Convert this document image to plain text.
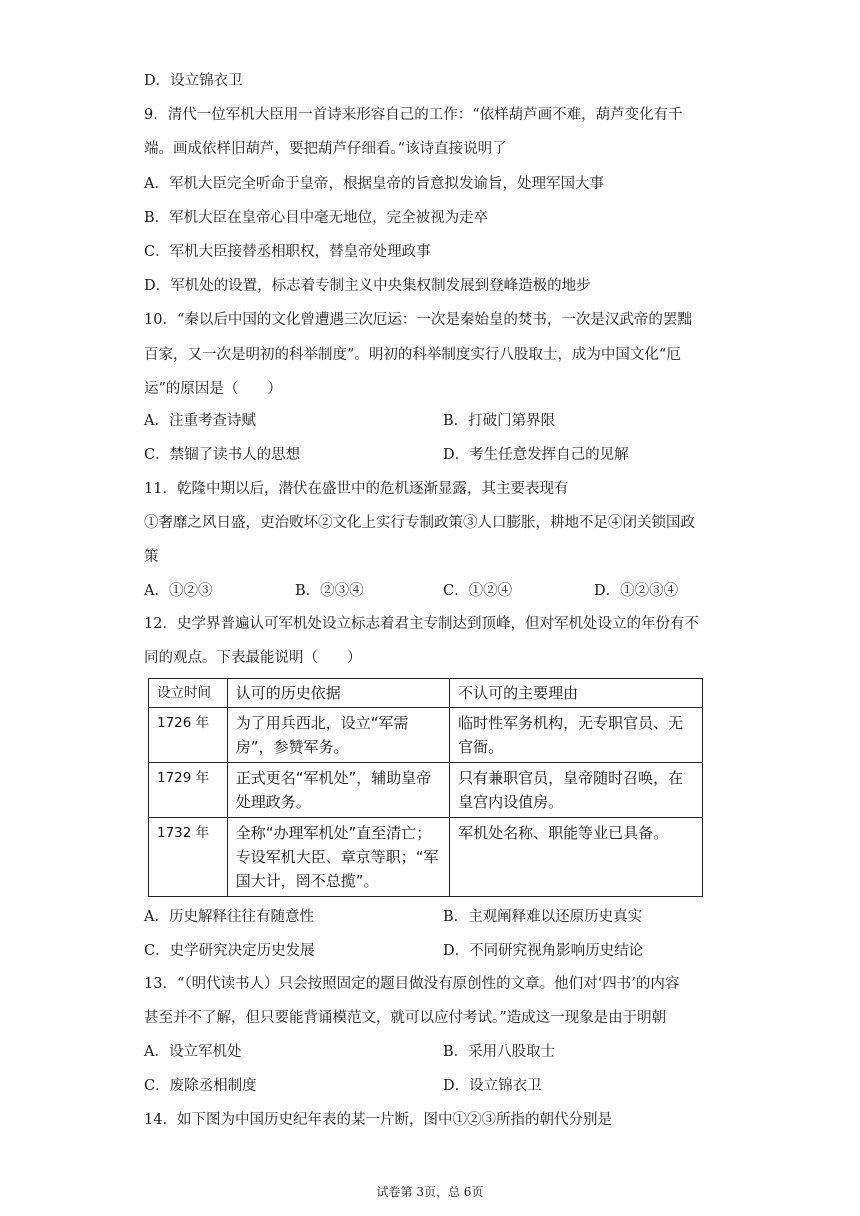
D．设立锦衣卫
9．清代一位军机大臣用一首诗来形容自己的工作：“依样葫芦画不难，葫芦变化有千
端。画成依样旧葫芦，要把葫芦仔细看。”该诗直接说明了
A．军机大臣完全听命于皇帝，根据皇帝的旨意拟发谕旨，处理军国大事
B．军机大臣在皇帝心目中毫无地位，完全被视为走卒
C．军机大臣接替丞相职权，替皇帝处理政事
D．军机处的设置，标志着专制主义中央集权制发展到登峰造极的地步
10．“秦以后中国的文化曾遭遇三次厄运：一次是秦始皇的焚书，一次是汉武帝的罢黜
百家，又一次是明初的科举制度”。明初的科举制度实行八股取士，成为中国文化“厄
运”的原因是（　　）
A．注重考查诗赋	B．打破门第界限
C．禁锢了读书人的思想	D．考生任意发挥自己的见解
11．乾隆中期以后，潜伏在盛世中的危机逐渐显露，其主要表现有
①奢靡之风日盛，吏治败坏②文化上实行专制政策③人口膨胀，耕地不足④闭关锁国政
策
A．①②③	B．②③④	C．①②④	D．①②③④
12．史学界普遍认可军机处设立标志着君主专制达到顶峰，但对军机处设立的年份有不
同的观点。下表最能说明（　　）
设立时间	认可的历史依据	不认可的主要理由
1726 年	为了用兵西北，设立“军需房”，参赞军务。	临时性军务机构，无专职官员、无官衙。
1729 年	正式更名“军机处”，辅助皇帝处理政务。	只有兼职官员，皇帝随时召唤，在皇宫内设值房。
1732 年	全称“办理军机处”直至清亡；专设军机大臣、章京等职；“军国大计，罔不总揽”。	军机处名称、职能等业已具备。
A．历史解释往往有随意性	B．主观阐释难以还原历史真实
C．史学研究决定历史发展	D．不同研究视角影响历史结论
13．“（明代读书人）只会按照固定的题目做没有原创性的文章。他们对‘四书’的内容
甚至并不了解，但只要能背诵模范文，就可以应付考试。”造成这一现象是由于明朝
A．设立军机处	B．采用八股取士
C．废除丞相制度	D．设立锦衣卫
14．如下图为中国历史纪年表的某一片断，图中①②③所指的朝代分别是
试卷第 3页，总 6页
